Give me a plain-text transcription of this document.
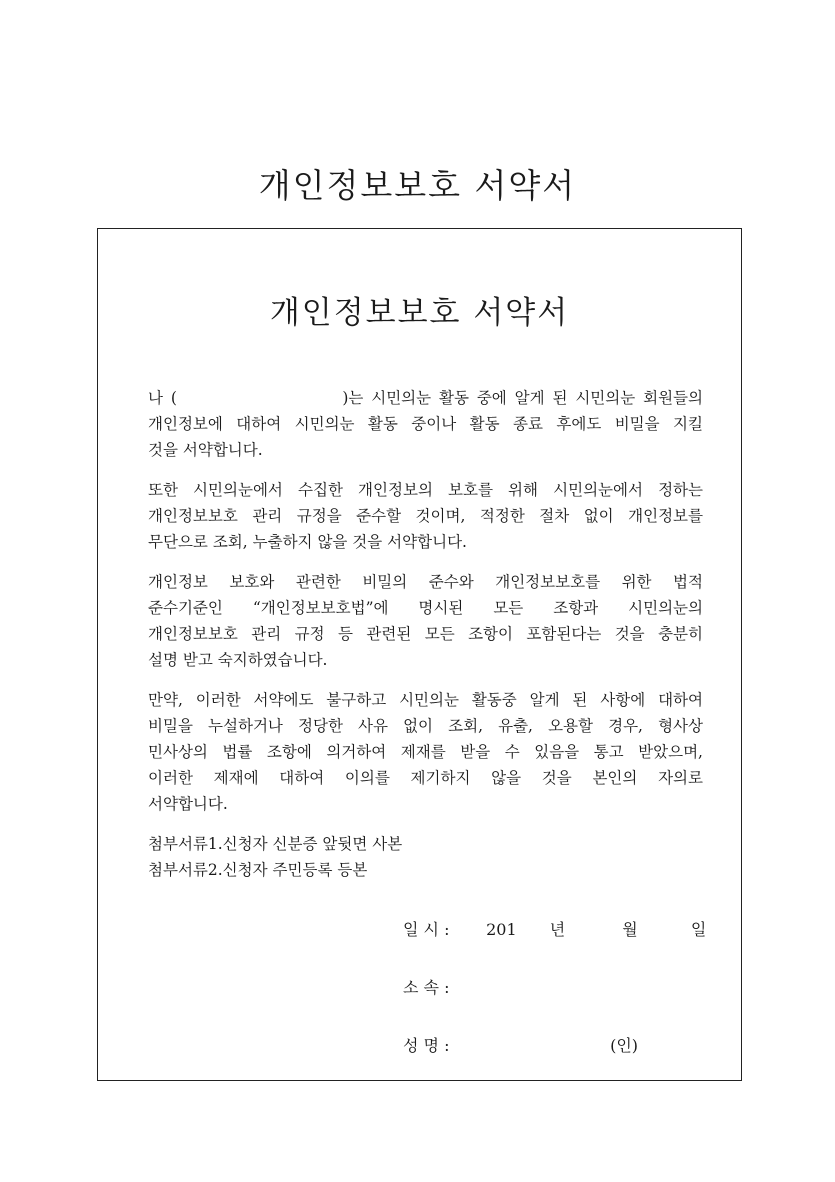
개인정보보호 서약서
개인정보보호 서약서
나 (                     )는 시민의눈 활동 중에 알게 된 시민의눈 회원들의
개인정보에 대하여 시민의눈 활동 중이나 활동 종료 후에도 비밀을 지킬
것을 서약합니다.
또한 시민의눈에서 수집한 개인정보의 보호를 위해 시민의눈에서 정하는
개인정보보호 관리 규정을 준수할 것이며, 적정한 절차 없이 개인정보를
무단으로 조회, 누출하지 않을 것을 서약합니다.
개인정보 보호와 관련한 비밀의 준수와 개인정보보호를 위한 법적
준수기준인 “개인정보보호법”에 명시된 모든 조항과 시민의눈의
개인정보보호 관리 규정 등 관련된 모든 조항이 포함된다는 것을 충분히
설명 받고 숙지하였습니다.
만약, 이러한 서약에도 불구하고 시민의눈 활동중 알게 된 사항에 대하여
비밀을 누설하거나 정당한 사유 없이 조회, 유출, 오용할 경우, 형사상
민사상의 법률 조항에 의거하여 제재를 받을 수 있음을 통고 받았으며,
이러한 제재에 대하여 이의를 제기하지 않을 것을 본인의 자의로
서약합니다.
첨부서류1.신청자 신분증 앞뒷면 사본
첨부서류2.신청자 주민등록 등본
일 시 : 201 년	월	일
소 속 :
성 명 :	(인)
